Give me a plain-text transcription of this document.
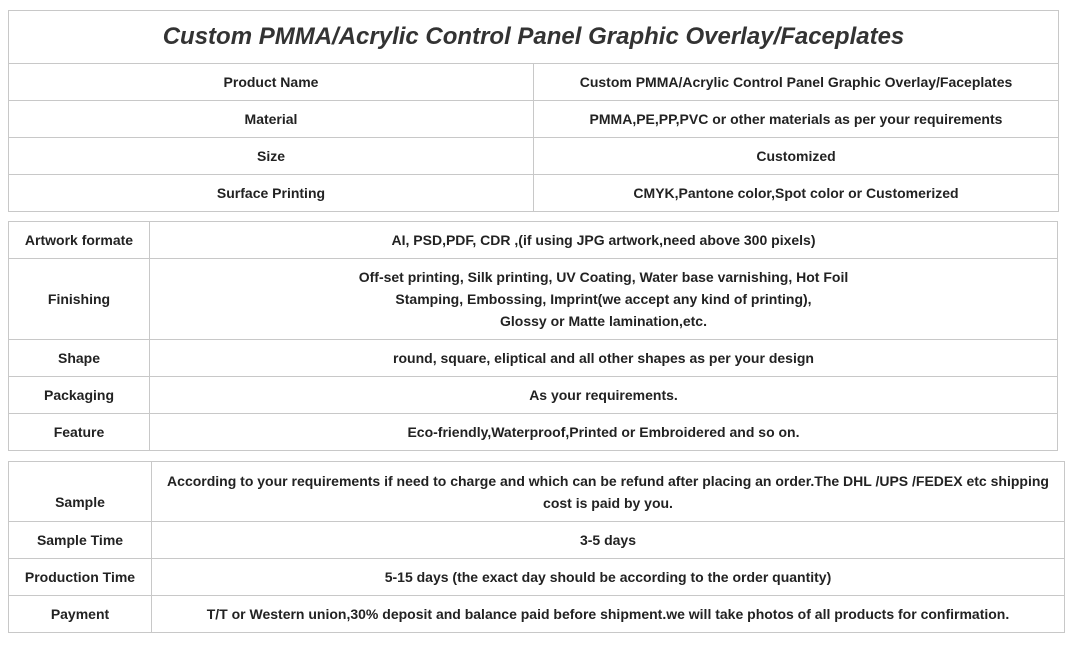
Custom PMMA/Acrylic Control Panel Graphic Overlay/Faceplates	
Product Name	Custom PMMA/Acrylic Control Panel Graphic Overlay/Faceplates
Material	PMMA,PE,PP,PVC or other materials as per your requirements
Size	Customized
Surface Printing	CMYK,Pantone color,Spot color or Customerized
Artwork formate	AI, PSD,PDF, CDR ,(if using JPG artwork,need above 300 pixels)
Finishing	Off-set printing, Silk printing, UV Coating, Water base varnishing, Hot Foil
Stamping, Embossing, Imprint(we accept any kind of printing),
Glossy or Matte lamination,etc.

Shape	round, square, eliptical and all other shapes as per your design
Packaging	As your requirements.
Feature	Eco-friendly,Waterproof,Printed or Embroidered and so on.
Sample	According to your requirements if need to charge and which can be refund after placing an order.The DHL /UPS /FEDEX etc shipping
cost is paid by you.

Sample Time	3-5 days
Production Time	5-15 days (the exact day should be according to the order quantity)
Payment	T/T or Western union,30% deposit and balance paid before shipment.we will take photos of all products for confirmation.
